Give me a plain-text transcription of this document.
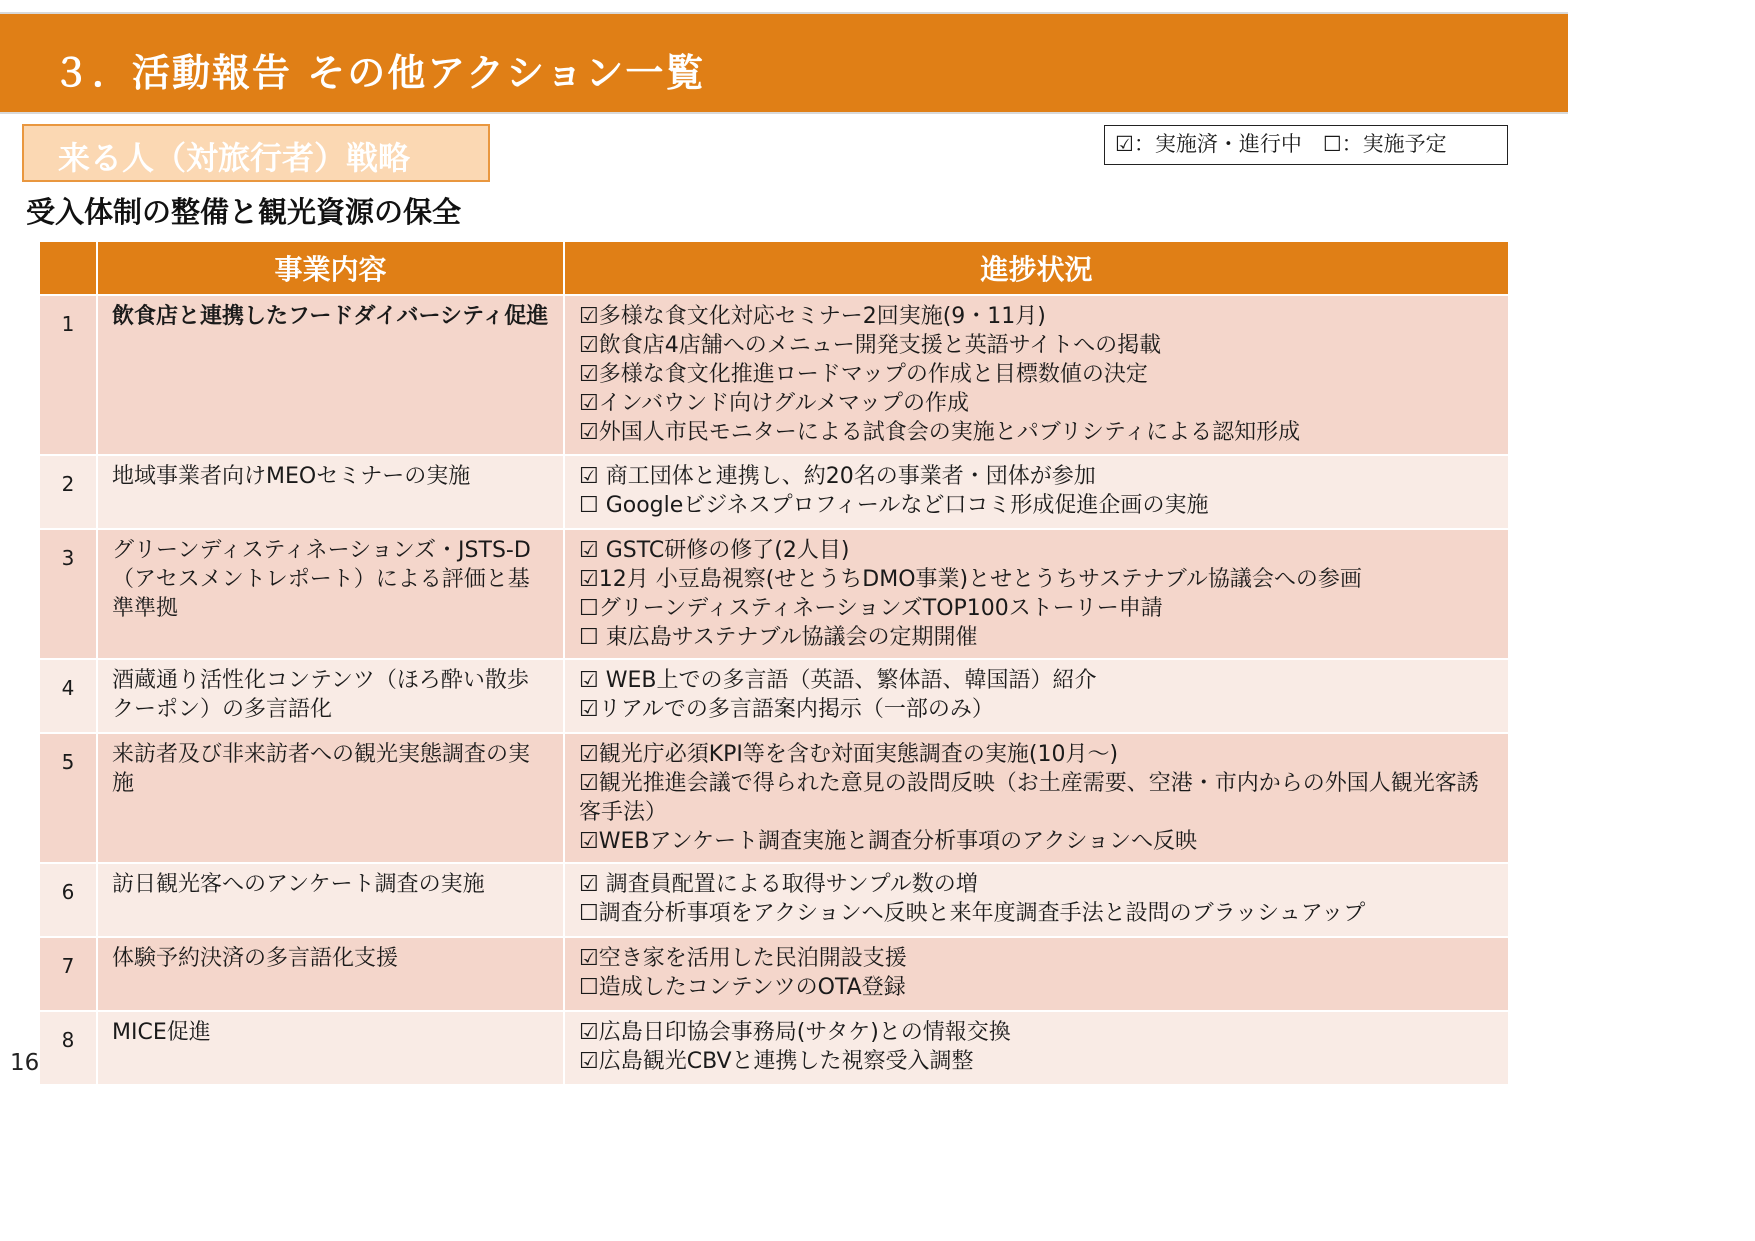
３．活動報告 その他アクション一覧
来る人（対旅行者）戦略	☑：実施済・進行中　☐：実施予定
受入体制の整備と観光資源の保全
	事業内容	進捗状況
1	飲食店と連携したフードダイバーシティ促進	☑多様な食文化対応セミナー2回実施(9・11月)
☑飲食店4店舗へのメニュー開発支援と英語サイトへの掲載
☑多様な食文化推進ロードマップの作成と目標数値の決定
☑インバウンド向けグルメマップの作成
☑外国人市民モニターによる試食会の実施とパブリシティによる認知形成

2	地域事業者向けMEOセミナーの実施	☑ 商工団体と連携し、約20名の事業者・団体が参加
☐ Googleビジネスプロフィールなど口コミ形成促進企画の実施

3	グリーンディスティネーションズ・JSTS-D（アセスメントレポート）による評価と基準準拠	☑ GSTC研修の修了(2人目)
☑12月 小豆島視察(せとうちDMO事業)とせとうちサステナブル協議会への参画
☐グリーンディスティネーションズTOP100ストーリー申請
☐ 東広島サステナブル協議会の定期開催

4	酒蔵通り活性化コンテンツ（ほろ酔い散歩クーポン）の多言語化	☑ WEB上での多言語（英語、繁体語、韓国語）紹介
☑リアルでの多言語案内掲示（一部のみ）

5	来訪者及び非来訪者への観光実態調査の実施	☑観光庁必須KPI等を含む対面実態調査の実施(10月～)
☑観光推進会議で得られた意見の設問反映（お土産需要、空港・市内からの外国人観光客誘客手法）
☑WEBアンケート調査実施と調査分析事項のアクションへ反映

6	訪日観光客へのアンケート調査の実施	☑ 調査員配置による取得サンプル数の増
☐調査分析事項をアクションへ反映と来年度調査手法と設問のブラッシュアップ

7	体験予約決済の多言語化支援	☑空き家を活用した民泊開設支援
☐造成したコンテンツのOTA登録

8	MICE促進	☑広島日印協会事務局(サタケ)との情報交換
☑広島観光CBVと連携した視察受入調整
16
